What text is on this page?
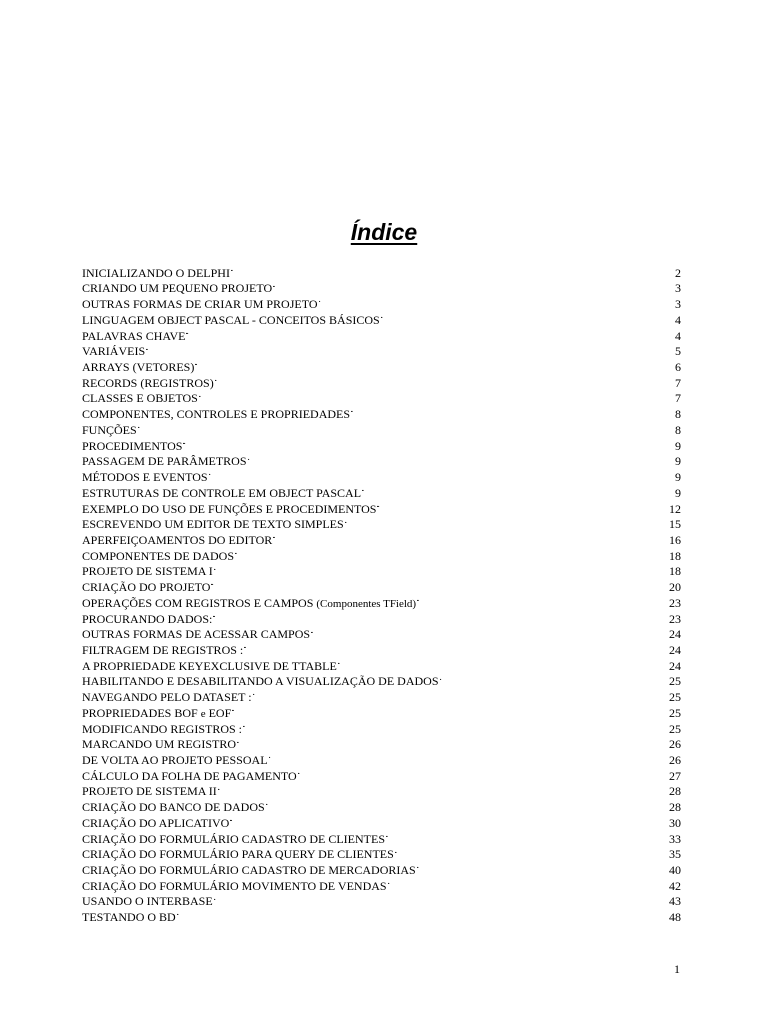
Índice
INICIALIZANDO O DELPHI . . .	2
CRIANDO UM PEQUENO PROJETO . . .	3
OUTRAS FORMAS DE CRIAR UM PROJETO . . .	3
LINGUAGEM OBJECT PASCAL - CONCEITOS BÁSICOS . . .	4
PALAVRAS CHAVE . . .	4
VARIÁVEIS . . .	5
ARRAYS (VETORES) . . .	6
RECORDS (REGISTROS) . . .	7
CLASSES E OBJETOS . . .	7
COMPONENTES, CONTROLES E PROPRIEDADES . . .	8
FUNÇÕES . . .	8
PROCEDIMENTOS . . .	9
PASSAGEM DE PARÂMETROS . . .	9
MÉTODOS E EVENTOS . . .	9
ESTRUTURAS DE CONTROLE EM OBJECT PASCAL . . .	9
EXEMPLO DO USO DE FUNÇÕES E PROCEDIMENTOS . . .	12
ESCREVENDO UM EDITOR DE TEXTO SIMPLES . . .	15
APERFEIÇOAMENTOS DO EDITOR . . .	16
COMPONENTES DE DADOS . . .	18
PROJETO DE SISTEMA I . . .	18
CRIAÇÃO DO PROJETO . . .	20
OPERAÇÕES COM REGISTROS E CAMPOS (Componentes TField) . . .	23
PROCURANDO DADOS: . . .	23
OUTRAS FORMAS DE ACESSAR CAMPOS . . .	24
FILTRAGEM DE REGISTROS : . . .	24
A PROPRIEDADE KEYEXCLUSIVE DE TTABLE . . .	24
HABILITANDO E DESABILITANDO A VISUALIZAÇÃO DE DADOS . . .	25
NAVEGANDO PELO DATASET : . . .	25
PROPRIEDADES BOF e EOF . . .	25
MODIFICANDO REGISTROS : . . .	25
MARCANDO UM REGISTRO . . .	26
DE VOLTA AO PROJETO PESSOAL . . .	26
CÁLCULO DA FOLHA DE PAGAMENTO . . .	27
PROJETO DE SISTEMA II . . .	28
CRIAÇÃO DO BANCO DE DADOS . . .	28
CRIAÇÃO DO APLICATIVO . . .	30
CRIAÇÃO DO FORMULÁRIO CADASTRO DE CLIENTES . . .	33
CRIAÇÃO DO FORMULÁRIO PARA QUERY DE CLIENTES . . .	35
CRIAÇÃO DO FORMULÁRIO CADASTRO DE MERCADORIAS . . .	40
CRIAÇÃO DO FORMULÁRIO MOVIMENTO DE VENDAS . . .	42
USANDO O INTERBASE . . .	43
TESTANDO O BD . . .	48
1
